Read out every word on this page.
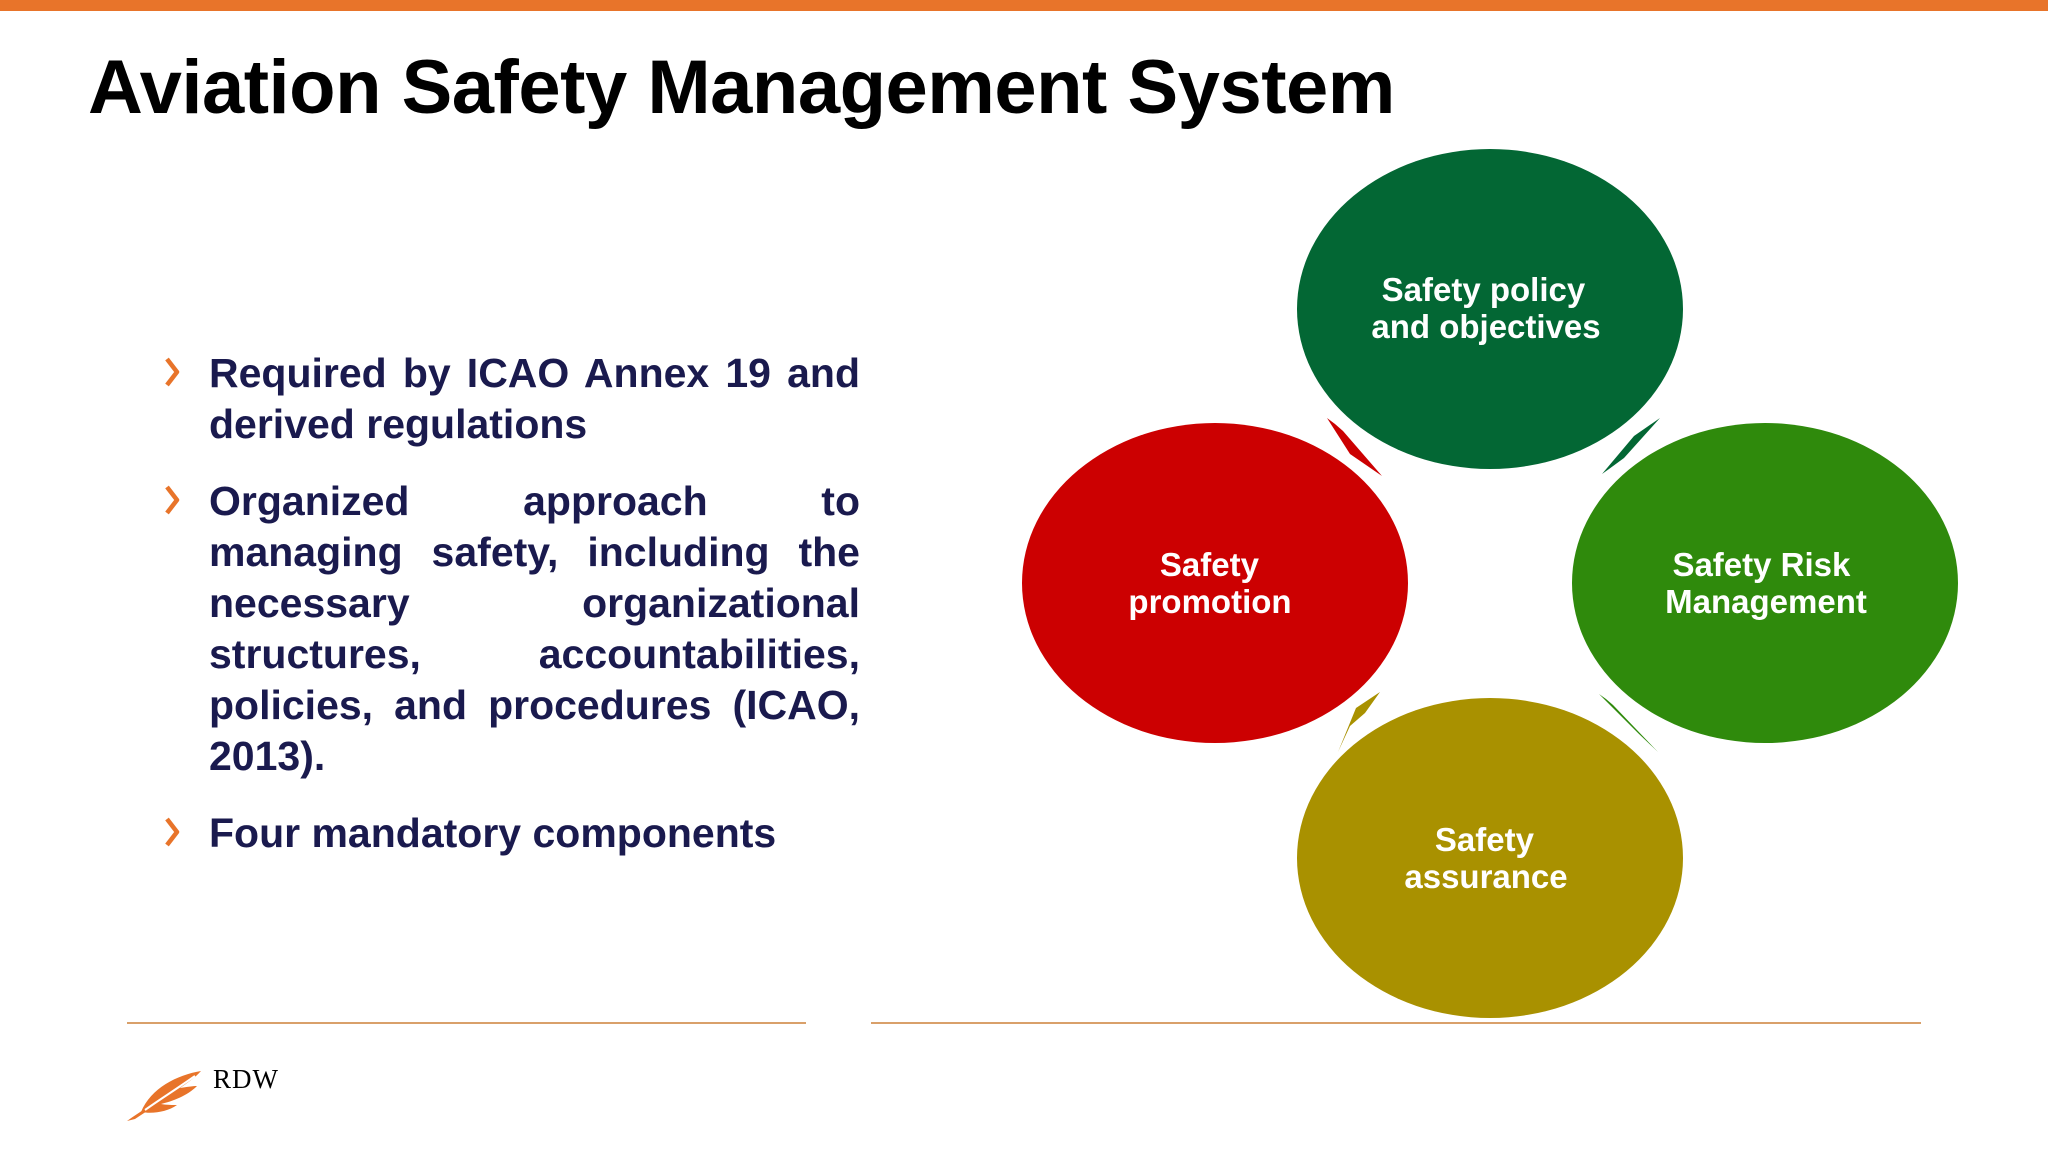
Aviation Safety Management System
Required by ICAO Annex 19 and derived regulations
Organized approach to managing safety, including the necessary organizational structures, accountabilities, policies, and procedures (ICAO, 2013).
Four mandatory components
Safety policy and objectives
Safety Risk Management
Safety assurance
Safety promotion
RDW
